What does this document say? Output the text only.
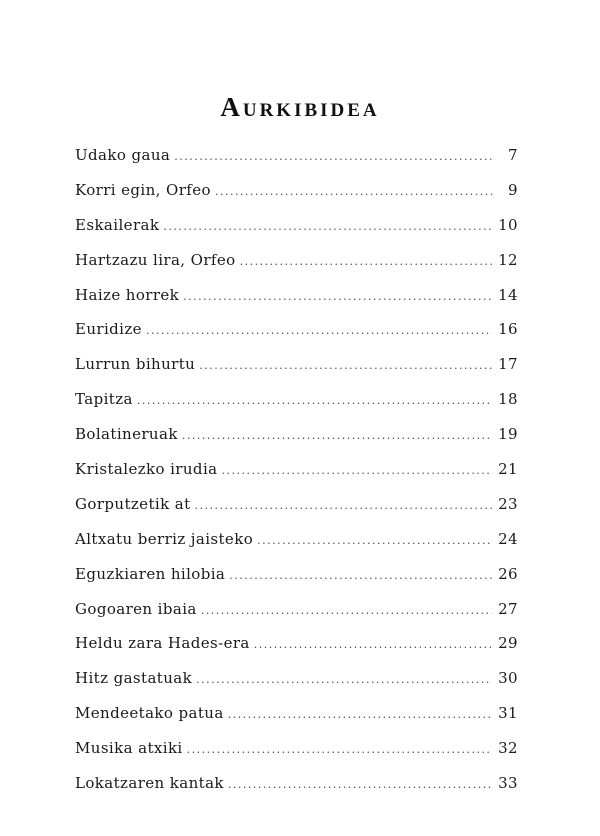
Aurkibidea
Udako gaua .....	7
Korri egin, Orfeo .....	9
Eskailerak .....	10
Hartzazu lira, Orfeo .....	12
Haize horrek .....	14
Euridize .....	16
Lurrun bihurtu .....	17
Tapitza .....	18
Bolatineruak .....	19
Kristalezko irudia .....	21
Gorputzetik at .....	23
Altxatu berriz jaisteko .....	24
Eguzkiaren hilobia .....	26
Gogoaren ibaia .....	27
Heldu zara Hades-era .....	29
Hitz gastatuak .....	30
Mendeetako patua .....	31
Musika atxiki .....	32
Lokatzaren kantak .....	33
